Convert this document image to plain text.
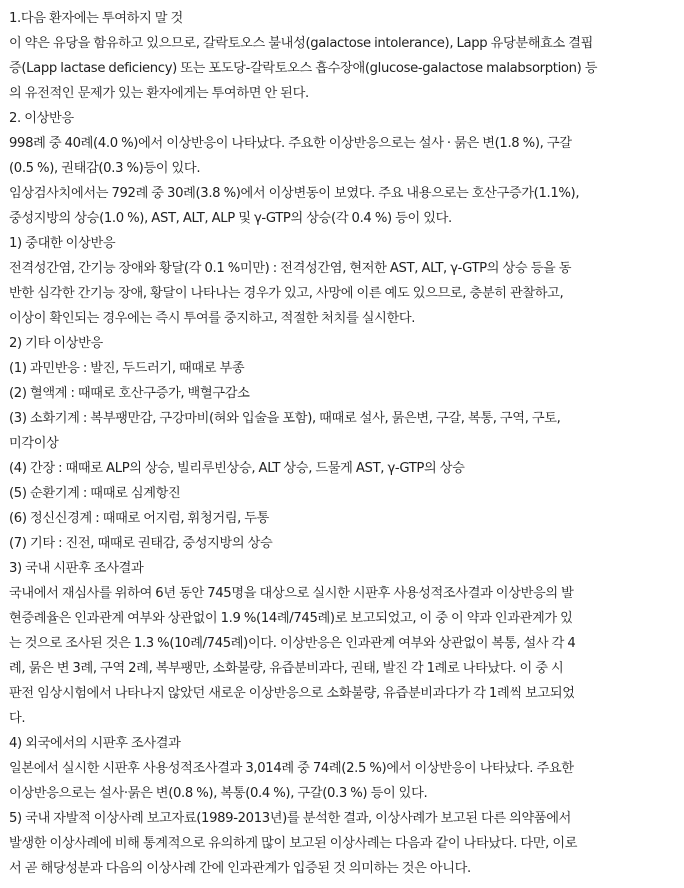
1.다음 환자에는 투여하지 말 것
이 약은 유당을 함유하고 있으므로, 갈락토오스 불내성(galactose intolerance), Lapp 유당분해효소 결핍
증(Lapp lactase deficiency) 또는 포도당-갈락토오스 흡수장애(glucose-galactose malabsorption) 등
의 유전적인 문제가 있는 환자에게는 투여하면 안 된다.
2. 이상반응
998례 중 40례(4.0 %)에서 이상반응이 나타났다. 주요한 이상반응으로는 설사 · 묽은 변(1.8 %), 구갈
(0.5 %), 권태감(0.3 %)등이 있다.
임상검사치에서는 792례 중 30례(3.8 %)에서 이상변동이 보였다. 주요 내용으로는 호산구증가(1.1%),
중성지방의 상승(1.0 %), AST, ALT, ALP 및 γ-GTP의 상승(각 0.4 %) 등이 있다.
1) 중대한 이상반응
전격성간염, 간기능 장애와 황달(각 0.1 %미만) : 전격성간염, 현저한 AST, ALT, γ-GTP의 상승 등을 동
반한 심각한 간기능 장애, 황달이 나타나는 경우가 있고, 사망에 이른 예도 있으므로, 충분히 관찰하고,
이상이 확인되는 경우에는 즉시 투여를 중지하고, 적절한 처치를 실시한다.
2) 기타 이상반응
(1) 과민반응 : 발진, 두드러기, 때때로 부종
(2) 혈액계 : 때때로 호산구증가, 백혈구감소
(3) 소화기계 : 복부팽만감, 구강마비(혀와 입술을 포함), 때때로 설사, 묽은변, 구갈, 복통, 구역, 구토,
미각이상
(4) 간장 : 때때로 ALP의 상승, 빌리루빈상승, ALT 상승, 드물게 AST, γ-GTP의 상승
(5) 순환기계 : 때때로 심계항진
(6) 정신신경계 : 때때로 어지럼, 휘청거림, 두통
(7) 기타 : 진전, 때때로 권태감, 중성지방의 상승
3) 국내 시판후 조사결과
국내에서 재심사를 위하여 6년 동안 745명을 대상으로 실시한 시판후 사용성적조사결과 이상반응의 발
현증례율은 인과관계 여부와 상관없이 1.9 %(14례/745례)로 보고되었고, 이 중 이 약과 인과관계가 있
는 것으로 조사된 것은 1.3 %(10례/745례)이다. 이상반응은 인과관계 여부와 상관없이 복통, 설사 각 4
례, 묽은 변 3례, 구역 2례, 복부팽만, 소화불량, 유즙분비과다, 권태, 발진 각 1례로 나타났다. 이 중 시
판전 임상시험에서 나타나지 않았던 새로운 이상반응으로 소화불량, 유즙분비과다가 각 1례씩 보고되었
다.
4) 외국에서의 시판후 조사결과
일본에서 실시한 시판후 사용성적조사결과 3,014례 중 74례(2.5 %)에서 이상반응이 나타났다. 주요한
이상반응으로는 설사·묽은 변(0.8 %), 복통(0.4 %), 구갈(0.3 %) 등이 있다.
5) 국내 자발적 이상사례 보고자료(1989-2013년)를 분석한 결과, 이상사례가 보고된 다른 의약품에서
발생한 이상사례에 비해 통계적으로 유의하게 많이 보고된 이상사례는 다음과 같이 나타났다. 다만, 이로
서 곧 해당성분과 다음의 이상사례 간에 인과관계가 입증된 것 의미하는 것은 아니다.
